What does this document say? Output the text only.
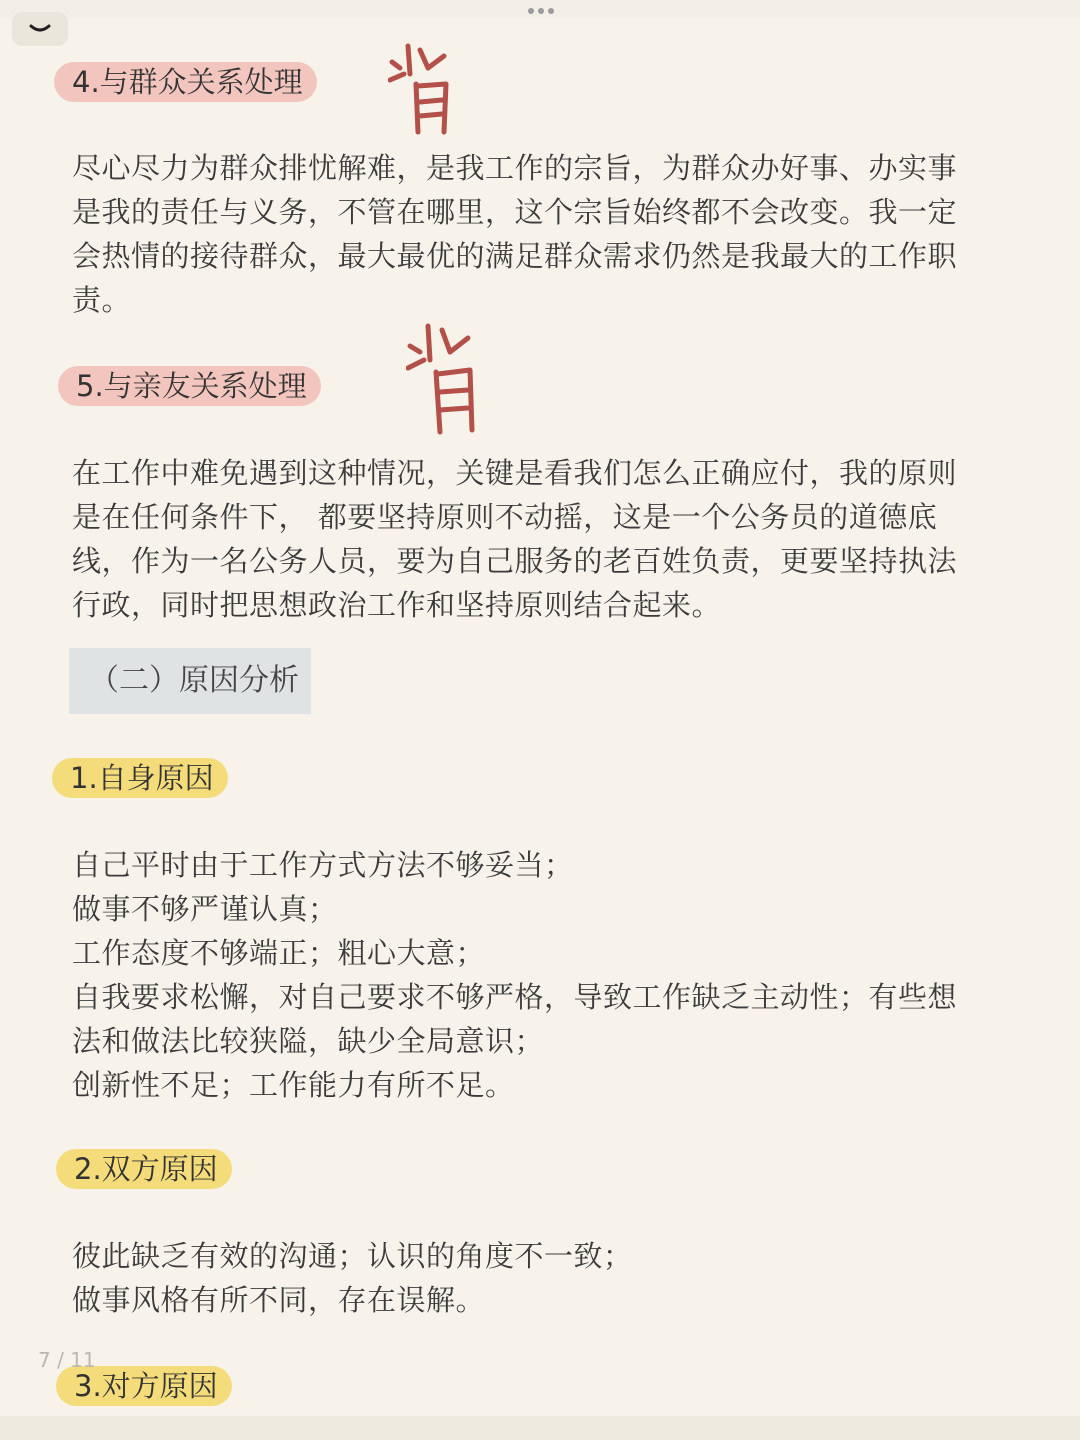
4.与群众关系处理
尽心尽力为群众排忧解难，是我工作的宗旨，为群众办好事、办实事
是我的责任与义务，不管在哪里，这个宗旨始终都不会改变。我一定
会热情的接待群众，最大最优的满足群众需求仍然是我最大的工作职
责。
5.与亲友关系处理
在工作中难免遇到这种情况，关键是看我们怎么正确应付，我的原则
是在任何条件下， 都要坚持原则不动摇，这是一个公务员的道德底
线，作为一名公务人员，要为自己服务的老百姓负责，更要坚持执法
行政，同时把思想政治工作和坚持原则结合起来。
（二）原因分析
1.自身原因
自己平时由于工作方式方法不够妥当；
做事不够严谨认真；
工作态度不够端正；粗心大意；
自我要求松懈，对自己要求不够严格，导致工作缺乏主动性；有些想
法和做法比较狭隘，缺少全局意识；
创新性不足；工作能力有所不足。
2.双方原因
彼此缺乏有效的沟通；认识的角度不一致；
做事风格有所不同，存在误解。
3.对方原因
7 / 11
